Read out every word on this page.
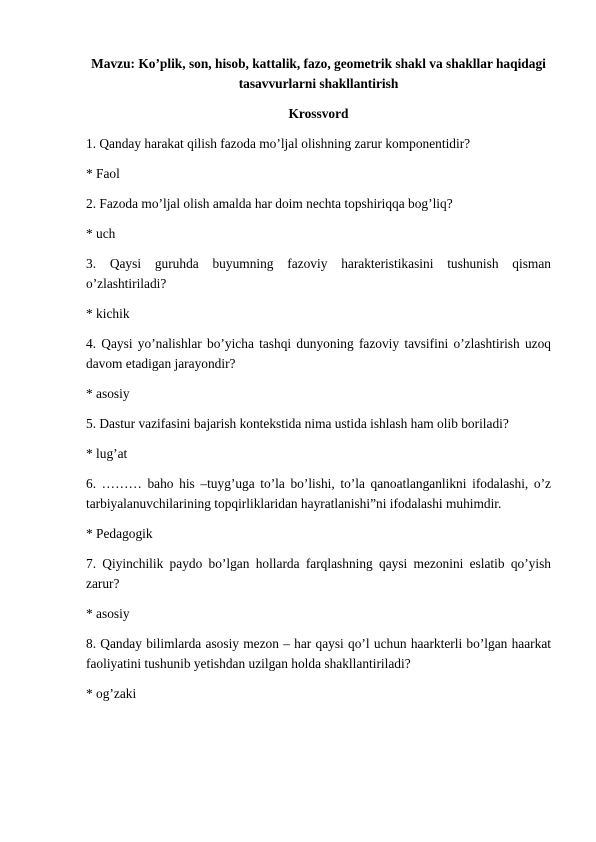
Mavzu: Ko’plik, son, hisob, kattalik, fazo, geometrik shakl va shakllar haqidagi tasavvurlarni shakllantirish

Krossvord

1. Qanday harakat qilish fazoda mo’ljal olishning zarur komponentidir?

* Faol

2. Fazoda mo’ljal olish amalda har doim nechta topshiriqqa bog’liq?

* uch

3. Qaysi guruhda buyumning fazoviy harakteristikasini tushunish qisman o’zlashtiriladi?

* kichik

4. Qaysi yo’nalishlar bo’yicha tashqi dunyoning fazoviy tavsifini o’zlashtirish uzoq davom etadigan jarayondir?

* asosiy

5. Dastur vazifasini bajarish kontekstida nima ustida ishlash ham olib boriladi?

* lug’at

6. ……… baho his –tuyg’uga to’la bo’lishi, to’la qanoatlanganlikni ifodalashi, o’z tarbiyalanuvchilarining topqirliklaridan hayratlanishi”ni ifodalashi muhimdir.

* Pedagogik

7. Qiyinchilik paydo bo’lgan hollarda farqlashning qaysi mezonini eslatib qo’yish zarur?

* asosiy

8. Qanday bilimlarda asosiy mezon – har qaysi qo’l uchun haarkterli bo’lgan haarkat faoliyatini tushunib yetishdan uzilgan holda shakllantiriladi?

* og’zaki
